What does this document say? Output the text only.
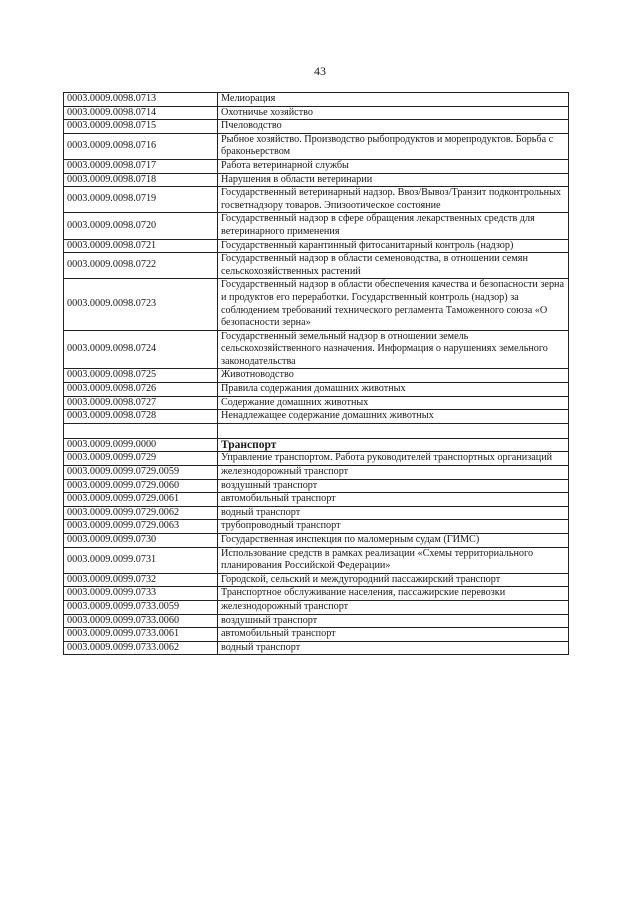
43
0003.0009.0098.0713	Мелиорация
0003.0009.0098.0714	Охотничье хозяйство
0003.0009.0098.0715	Пчеловодство
0003.0009.0098.0716	Рыбное хозяйство. Производство рыбопродуктов и морепродуктов. Борьба с браконьерством
0003.0009.0098.0717	Работа ветеринарной службы
0003.0009.0098.0718	Нарушения в области ветеринарии
0003.0009.0098.0719	Государственный ветеринарный надзор. Ввоз/Вывоз/Транзит подконтрольных госветнадзору товаров. Эпизоотическое состояние
0003.0009.0098.0720	Государственный надзор в сфере обращения лекарственных средств для ветеринарного применения
0003.0009.0098.0721	Государственный карантинный фитосанитарный контроль (надзор)
0003.0009.0098.0722	Государственный надзор в области семеноводства, в отношении семян сельскохозяйственных растений
0003.0009.0098.0723	Государственный надзор в области обеспечения качества и безопасности зерна и продуктов его переработки. Государственный контроль (надзор) за соблюдением требований технического регламента Таможенного союза «О безопасности зерна»
0003.0009.0098.0724	Государственный земельный надзор в отношении земель сельскохозяйственного назначения. Информация о нарушениях земельного законодательства
0003.0009.0098.0725	Животноводство
0003.0009.0098.0726	Правила содержания домашних животных
0003.0009.0098.0727	Содержание домашних животных
0003.0009.0098.0728	Ненадлежащее содержание домашних животных

0003.0009.0099.0000	Транспорт
0003.0009.0099.0729	Управление транспортом. Работа руководителей транспортных организаций
0003.0009.0099.0729.0059	железнодорожный транспорт
0003.0009.0099.0729.0060	воздушный транспорт
0003.0009.0099.0729.0061	автомобильный транспорт
0003.0009.0099.0729.0062	водный транспорт
0003.0009.0099.0729.0063	трубопроводный транспорт
0003.0009.0099.0730	Государственная инспекция по маломерным судам (ГИМС)
0003.0009.0099.0731	Использование средств в рамках реализации «Схемы территориального планирования Российской Федерации»
0003.0009.0099.0732	Городской, сельский и междугородний пассажирский транспорт
0003.0009.0099.0733	Транспортное обслуживание населения, пассажирские перевозки
0003.0009.0099.0733.0059	железнодорожный транспорт
0003.0009.0099.0733.0060	воздушный транспорт
0003.0009.0099.0733.0061	автомобильный транспорт
0003.0009.0099.0733.0062	водный транспорт
